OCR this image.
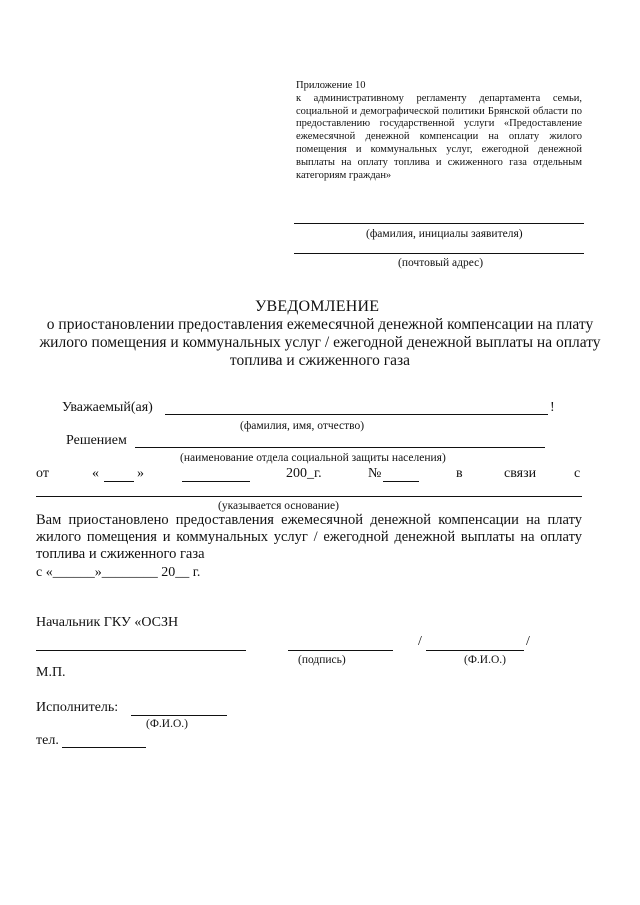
Приложение 10
к административному регламенту департамента семьи, социальной и демографической политики Брянской области по предоставлению государственной услуги «Предоставление ежемесячной денежной компенсации на оплату жилого помещения и коммунальных услуг, ежегодной денежной выплаты на оплату топлива и сжиженного газа отдельным категориям граждан»
(фамилия, инициалы заявителя)
(почтовый адрес)
УВЕДОМЛЕНИЕ
о приостановлении предоставления ежемесячной денежной компенсации на плату жилого помещения и коммунальных услуг / ежегодной денежной выплаты на оплату топлива и сжиженного газа
Уважаемый(ая)	!
(фамилия, имя, отчество)
Решением
(наименование отдела социальной защиты населения)
от	«	»	200_г.	№	в	связи	с
(указывается основание)
Вам приостановлено предоставления ежемесячной денежной компенсации на плату жилого помещения и коммунальных услуг / ежегодной денежной выплаты на оплату топлива и сжиженного газа
с «______»________ 20__ г.
Начальник ГКУ «ОСЗН
/	/
(подпись)	(Ф.И.О.)
М.П.
Исполнитель:
(Ф.И.О.)
тел.
